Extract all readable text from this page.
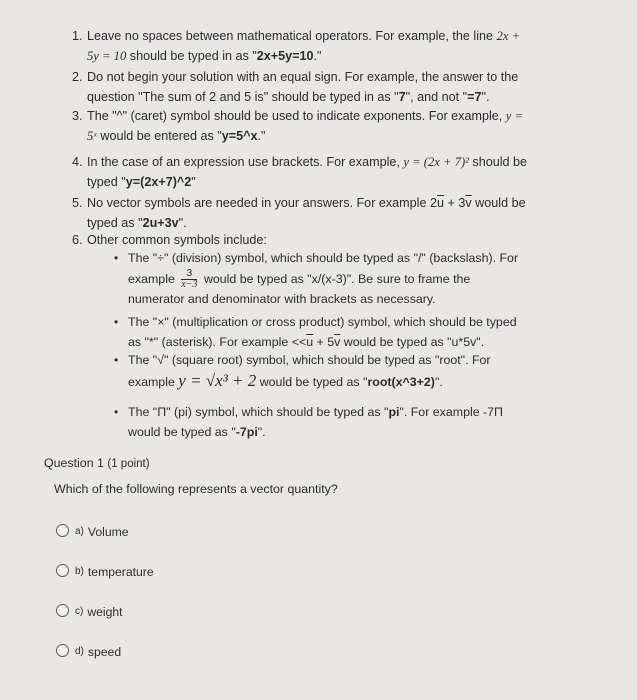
1. Leave no spaces between mathematical operators. For example, the line 2x +
5y = 10 should be typed in as "2x+5y=10."
2. Do not begin your solution with an equal sign. For example, the answer to the
question "The sum of 2 and 5 is" should be typed in as "7", and not "=7".
3. The "^" (caret) symbol should be used to indicate exponents. For example, y =
5ˣ would be entered as "y=5^x."
4. In the case of an expression use brackets. For example, y = (2x + 7)² should be
typed "y=(2x+7)^2"
5. No vector symbols are needed in your answers. For example $2\overline{u} + 3\overline{v}$ would be
typed as "2u+3v".
6. Other common symbols include:
• The "÷" (division) symbol, which should be typed as "/" (backslash). For
example $\frac{3}{x-3}$ would be typed as "x/(x-3)". Be sure to frame the
numerator and denominator with brackets as necessary.
• The "×" (multiplication or cross product) symbol, which should be typed
as "*" (asterisk). For example $<<\overline{u} + 5\overline{v}$ would be typed as "u*5v".
• The "√" (square root) symbol, which should be typed as "root". For
example y = √x³ + 2 would be typed as "root(x^3+2)".
• The "Π" (pi) symbol, which should be typed as "pi". For example -7Π
would be typed as "-7pi".
Question 1 (1 point)
Which of the following represents a vector quantity?
a) Volume
b) temperature
c) weight
d) speed
